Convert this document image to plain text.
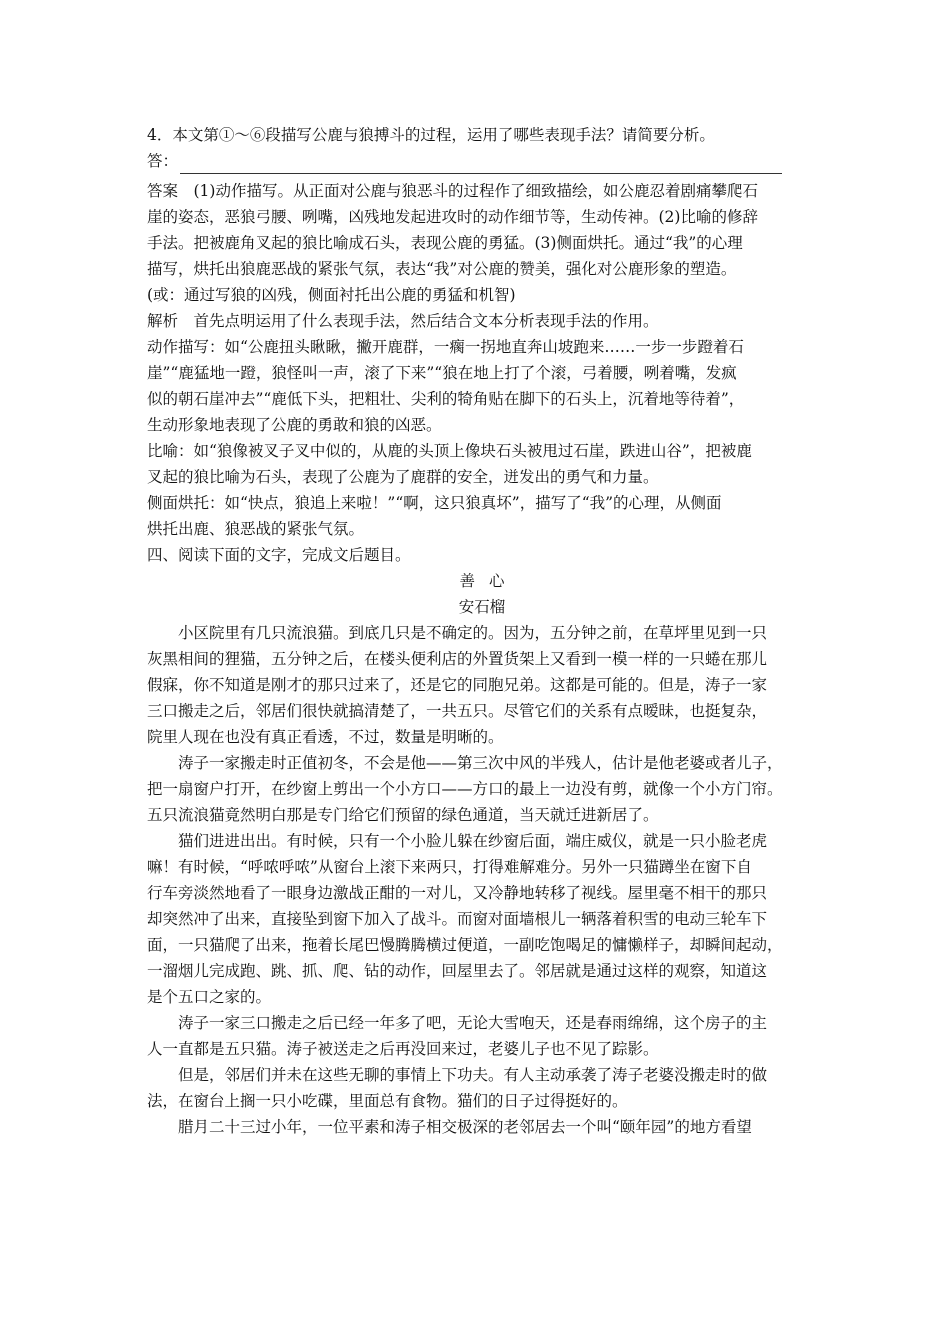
4．本文第①～⑥段描写公鹿与狼搏斗的过程，运用了哪些表现手法？请简要分析。

答：

答案　(1)动作描写。从正面对公鹿与狼恶斗的过程作了细致描绘，如公鹿忍着剧痛攀爬石

崖的姿态，恶狼弓腰、咧嘴，凶残地发起进攻时的动作细节等，生动传神。(2)比喻的修辞

手法。把被鹿角叉起的狼比喻成石头，表现公鹿的勇猛。(3)侧面烘托。通过“我”的心理

描写，烘托出狼鹿恶战的紧张气氛，表达“我”对公鹿的赞美，强化对公鹿形象的塑造。

(或：通过写狼的凶残，侧面衬托出公鹿的勇猛和机智)

解析　首先点明运用了什么表现手法，然后结合文本分析表现手法的作用。

动作描写：如“公鹿扭头瞅瞅，撇开鹿群，一瘸一拐地直奔山坡跑来……一步一步蹬着石

崖”“鹿猛地一蹬，狼怪叫一声，滚了下来”“狼在地上打了个滚，弓着腰，咧着嘴，发疯

似的朝石崖冲去”“鹿低下头，把粗壮、尖利的犄角贴在脚下的石头上，沉着地等待着”，

生动形象地表现了公鹿的勇敢和狼的凶恶。

比喻：如“狼像被叉子叉中似的，从鹿的头顶上像块石头被甩过石崖，跌进山谷”，把被鹿

叉起的狼比喻为石头，表现了公鹿为了鹿群的安全，迸发出的勇气和力量。

侧面烘托：如“快点，狼追上来啦！”“啊，这只狼真坏”，描写了“我”的心理，从侧面

烘托出鹿、狼恶战的紧张气氛。

四、阅读下面的文字，完成文后题目。

善心

安石榴

小区院里有几只流浪猫。到底几只是不确定的。因为，五分钟之前，在草坪里见到一只

灰黑相间的狸猫，五分钟之后，在楼头便利店的外置货架上又看到一模一样的一只蜷在那儿

假寐，你不知道是刚才的那只过来了，还是它的同胞兄弟。这都是可能的。但是，涛子一家

三口搬走之后，邻居们很快就搞清楚了，一共五只。尽管它们的关系有点暧昧，也挺复杂，

院里人现在也没有真正看透，不过，数量是明晰的。

涛子一家搬走时正值初冬，不会是他——第三次中风的半残人，估计是他老婆或者儿子，

把一扇窗户打开，在纱窗上剪出一个小方口——方口的最上一边没有剪，就像一个小方门帘。

五只流浪猫竟然明白那是专门给它们预留的绿色通道，当天就迁进新居了。

猫们进进出出。有时候，只有一个小脸儿躲在纱窗后面，端庄威仪，就是一只小脸老虎

嘛！有时候，“呼哝呼哝”从窗台上滚下来两只，打得难解难分。另外一只猫蹲坐在窗下自

行车旁淡然地看了一眼身边激战正酣的一对儿，又冷静地转移了视线。屋里毫不相干的那只

却突然冲了出来，直接坠到窗下加入了战斗。而窗对面墙根儿一辆落着积雪的电动三轮车下

面，一只猫爬了出来，拖着长尾巴慢腾腾横过便道，一副吃饱喝足的慵懒样子，却瞬间起动，

一溜烟儿完成跑、跳、抓、爬、钻的动作，回屋里去了。邻居就是通过这样的观察，知道这

是个五口之家的。

涛子一家三口搬走之后已经一年多了吧，无论大雪咆天，还是春雨绵绵，这个房子的主

人一直都是五只猫。涛子被送走之后再没回来过，老婆儿子也不见了踪影。

但是，邻居们并未在这些无聊的事情上下功夫。有人主动承袭了涛子老婆没搬走时的做

法，在窗台上搁一只小吃碟，里面总有食物。猫们的日子过得挺好的。

腊月二十三过小年，一位平素和涛子相交极深的老邻居去一个叫“颐年园”的地方看望
